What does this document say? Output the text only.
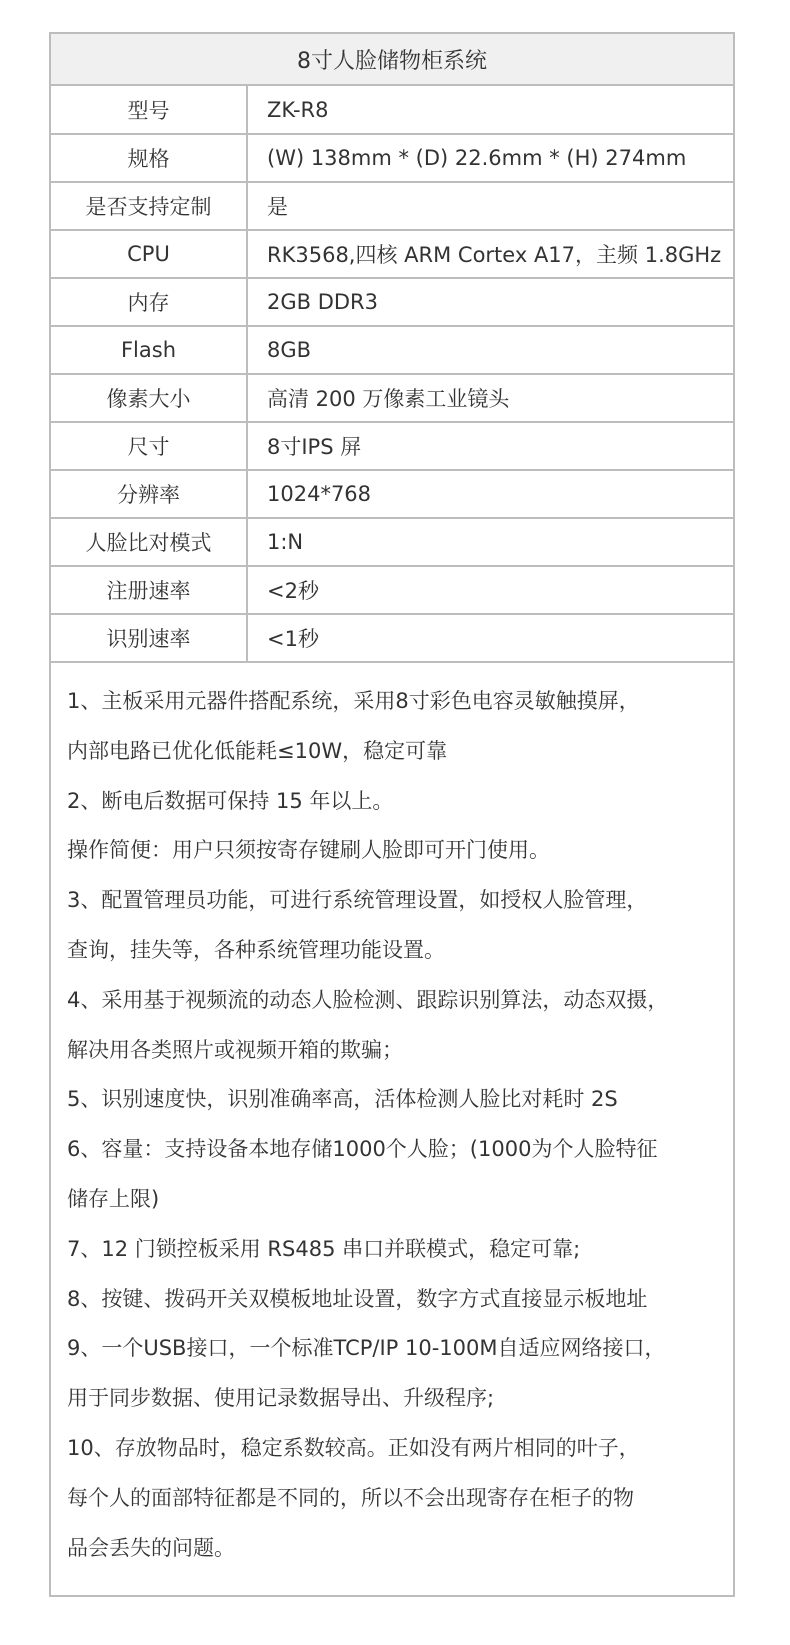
8寸人脸储物柜系统
型号	ZK-R8
规格	(W) 138mm * (D) 22.6mm * (H) 274mm
是否支持定制	是
CPU	RK3568,四核 ARM Cortex A17，主频 1.8GHz
内存	2GB DDR3
Flash	8GB
像素大小	高清 200 万像素工业镜头
尺寸	8寸IPS 屏
分辨率	1024*768
人脸比对模式	1:N
注册速率	<2秒
识别速率	<1秒
1、主板采用元器件搭配系统，采用8寸彩色电容灵敏触摸屏，
内部电路已优化低能耗≤10W，稳定可靠
2、断电后数据可保持 15 年以上。
操作简便：用户只须按寄存键刷人脸即可开门使用。
3、配置管理员功能，可进行系统管理设置，如授权人脸管理，
查询，挂失等，各种系统管理功能设置。
4、采用基于视频流的动态人脸检测、跟踪识别算法，动态双摄，
解决用各类照片或视频开箱的欺骗；
5、识别速度快，识别准确率高，活体检测人脸比对耗时 2S
6、容量：支持设备本地存储1000个人脸；(1000为个人脸特征
储存上限)
7、12 门锁控板采用 RS485 串口并联模式，稳定可靠;
8、按键、拨码开关双模板地址设置，数字方式直接显示板地址
9、一个USB接口，一个标准TCP/IP 10-100M自适应网络接口，
用于同步数据、使用记录数据导出、升级程序;
10、存放物品时，稳定系数较高。正如没有两片相同的叶子，
每个人的面部特征都是不同的，所以不会出现寄存在柜子的物
品会丢失的问题。
